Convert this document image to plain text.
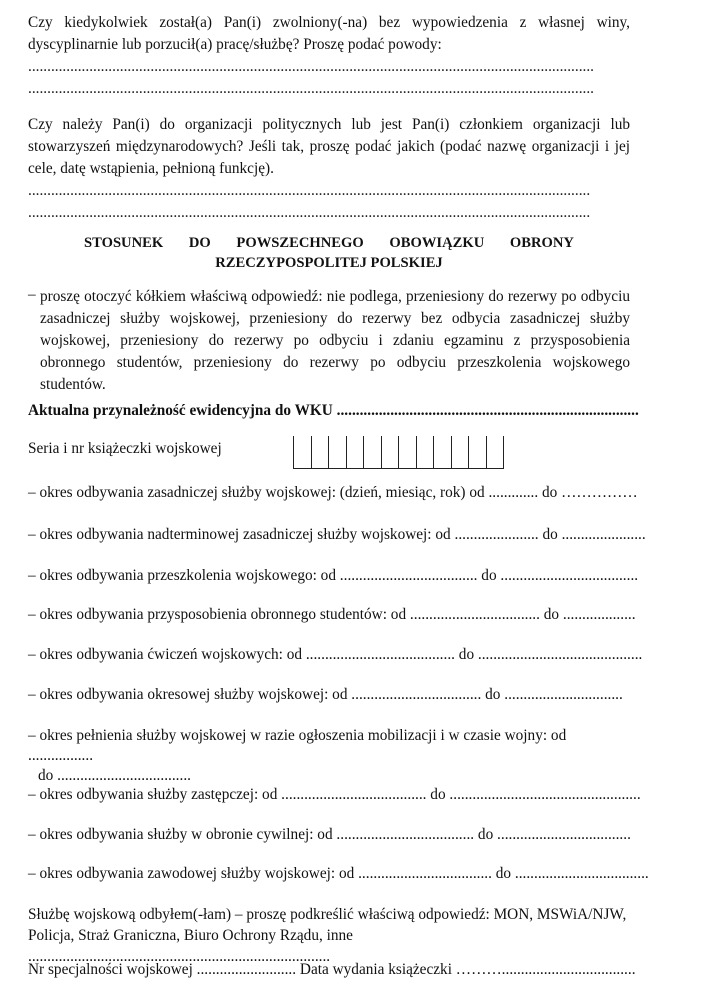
Czy kiedykolwiek został(a) Pan(i) zwolniony(-na) bez wypowiedzenia z własnej winy, dyscyplinarnie lub porzucił(a) pracę/służbę? Proszę podać powody:

....................................................................................................................................................
....................................................................................................................................................

Czy należy Pan(i) do organizacji politycznych lub jest Pan(i) członkiem organizacji lub stowarzyszeń międzynarodowych? Jeśli tak, proszę podać jakich (podać nazwę organizacji i jej cele, datę wstąpienia, pełnioną funkcję).

...................................................................................................................................................
...................................................................................................................................................
STOSUNEK DO POWSZECHNEGO OBOWIĄZKU OBRONY
RZECZYPOSPOLITEJ POLSKIEJ
– proszę otoczyć kółkiem właściwą odpowiedź: nie podlega, przeniesiony do rezerwy po odbyciu zasadniczej służby wojskowej, przeniesiony do rezerwy bez odbycia zasadniczej służby wojskowej, przeniesiony do rezerwy po odbyciu i zdaniu egzaminu z przysposobienia obronnego studentów, przeniesiony do rezerwy po odbyciu przeszkolenia wojskowego studentów.

Aktualna przynależność ewidencyjna do WKU ...............................................................................
Seria i nr książeczki wojskowej
– okres odbywania zasadniczej służby wojskowej: (dzień, miesiąc, rok) od ............. do ……………
– okres odbywania nadterminowej zasadniczej służby wojskowej: od ...................... do ......................
– okres odbywania przeszkolenia wojskowego: od .................................... do ....................................
– okres odbywania przysposobienia obronnego studentów: od .................................. do ...................
– okres odbywania ćwiczeń wojskowych: od ....................................... do ...........................................
– okres odbywania okresowej służby wojskowej: od .................................. do ...............................

– okres pełnienia służby wojskowej w razie ogłoszenia mobilizacji i w czasie wojny: od .................

do ...................................

– okres odbywania służby zastępczej: od ...................................... do ..................................................
– okres odbywania służby w obronie cywilnej: od .................................... do ...................................
– okres odbywania zawodowej służby wojskowej: od ................................... do ...................................

Służbę wojskową odbyłem(-łam) – proszę podkreślić właściwą odpowiedź: MON, MSWiA/NJW,

Policja, Straż Graniczna, Biuro Ochrony Rządu, inne ...............................................................................

Nr specjalności wojskowej .......................... Data wydania książeczki ………...................................
